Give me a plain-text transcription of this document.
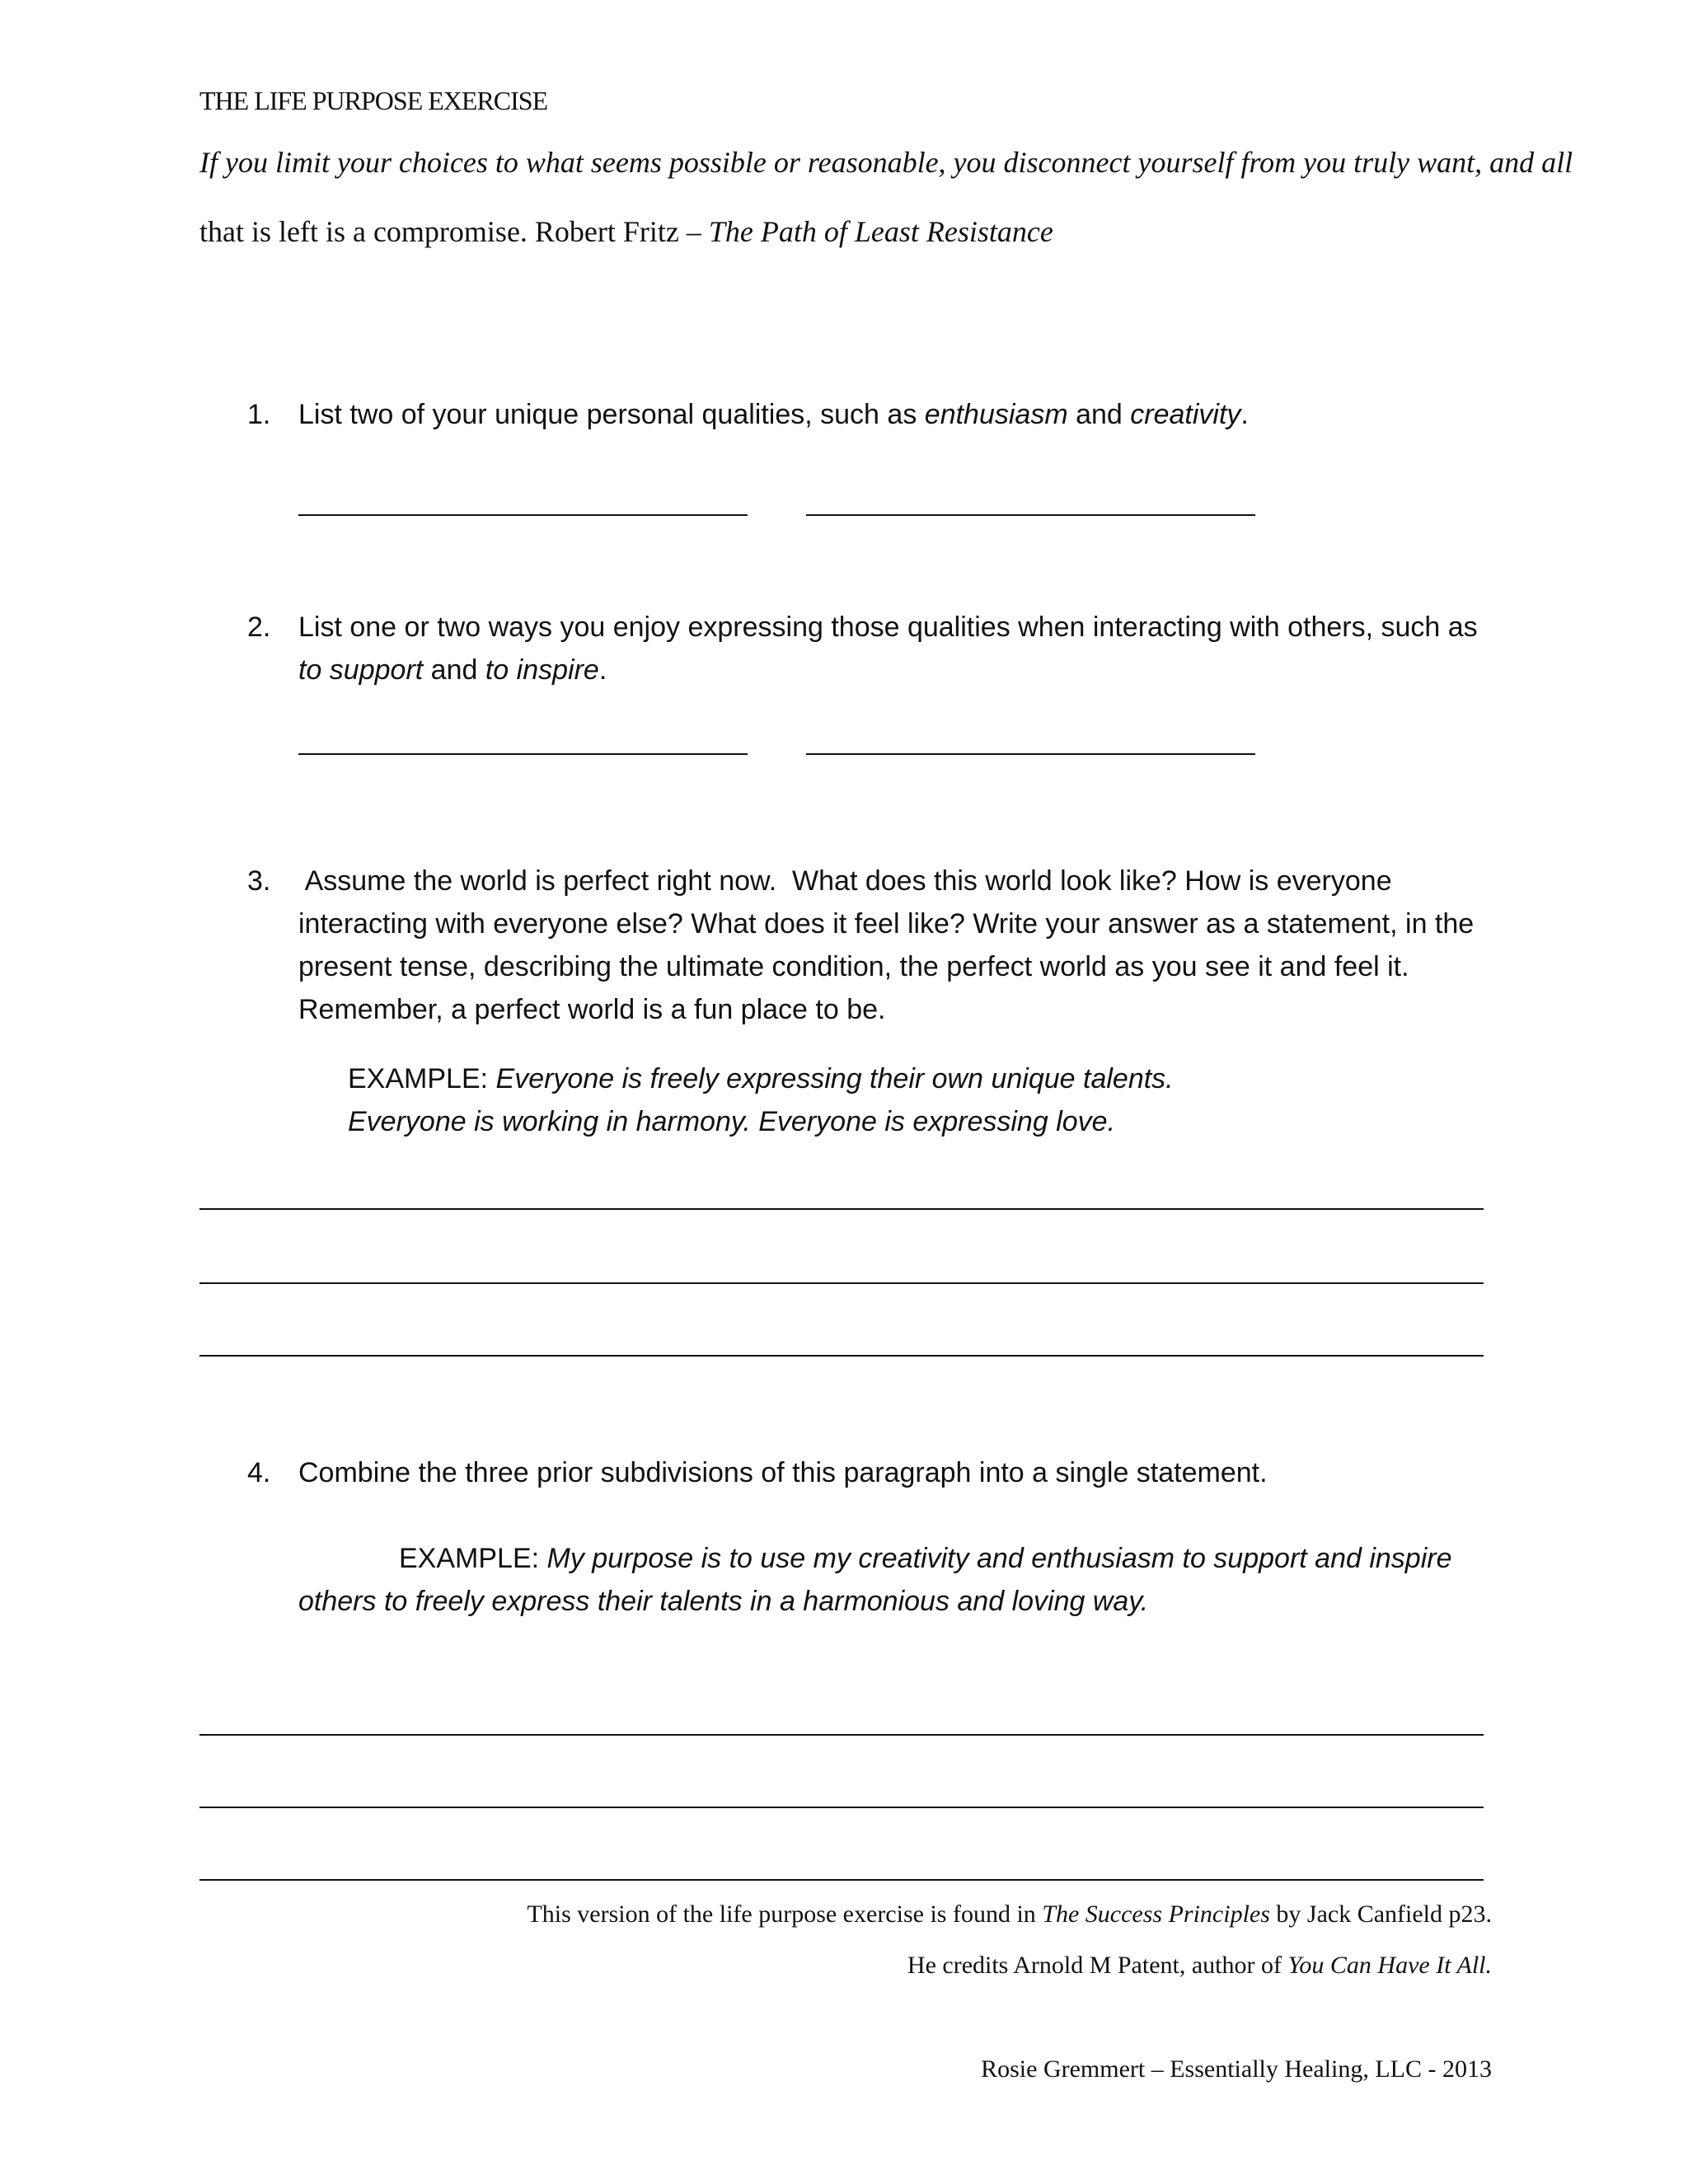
THE LIFE PURPOSE EXERCISE
If you limit your choices to what seems possible or reasonable, you disconnect yourself from you truly want, and all
that is left is a compromise. Robert Fritz – The Path of Least Resistance
1. List two of your unique personal qualities, such as enthusiasm and creativity.
2. List one or two ways you enjoy expressing those qualities when interacting with others, such as
to support and to inspire.
3. Assume the world is perfect right now.  What does this world look like? How is everyone
interacting with everyone else? What does it feel like? Write your answer as a statement, in the
present tense, describing the ultimate condition, the perfect world as you see it and feel it.
Remember, a perfect world is a fun place to be.
EXAMPLE: Everyone is freely expressing their own unique talents.
Everyone is working in harmony. Everyone is expressing love.
4. Combine the three prior subdivisions of this paragraph into a single statement.
EXAMPLE: My purpose is to use my creativity and enthusiasm to support and inspire
others to freely express their talents in a harmonious and loving way.
This version of the life purpose exercise is found in The Success Principles by Jack Canfield p23.
He credits Arnold M Patent, author of You Can Have It All.
Rosie Gremmert – Essentially Healing, LLC - 2013
